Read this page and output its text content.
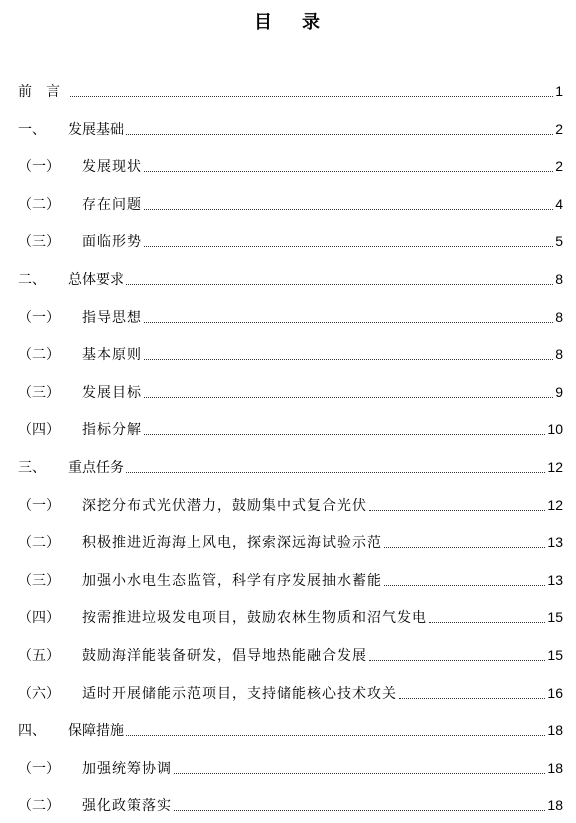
目 录
前　言	1
一、	发展基础	2
（一）	发展现状	2
（二）	存在问题	4
（三）	面临形势	5
二、	总体要求	8
（一）	指导思想	8
（二）	基本原则	8
（三）	发展目标	9
（四）	指标分解	10
三、	重点任务	12
（一）	深挖分布式光伏潜力，鼓励集中式复合光伏	12
（二）	积极推进近海海上风电，探索深远海试验示范	13
（三）	加强小水电生态监管，科学有序发展抽水蓄能	13
（四）	按需推进垃圾发电项目，鼓励农林生物质和沼气发电	15
（五）	鼓励海洋能装备研发，倡导地热能融合发展	15
（六）	适时开展储能示范项目，支持储能核心技术攻关	16
四、	保障措施	18
（一）	加强统筹协调	18
（二）	强化政策落实	18
